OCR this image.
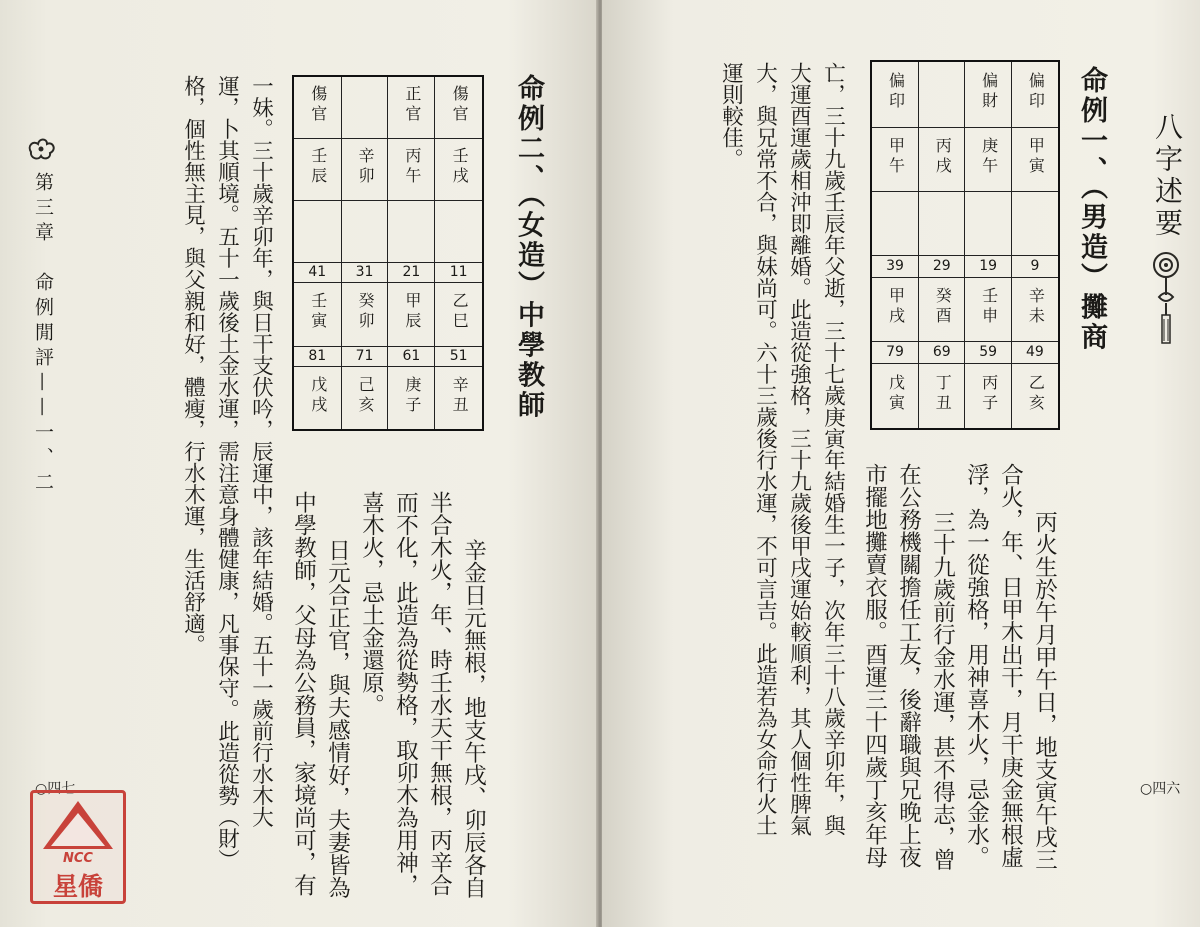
第三章　命例閒評——一、二
○四七
命例二、（女造）中學教師
傷官		正官	傷官
壬辰	辛卯	丙午	壬戌

41	31	21	11
壬寅	癸卯	甲辰	乙巳
81	71	61	51
戊戌	己亥	庚子	辛丑
　辛金日元無根，地支午戌、卯辰各自
半合木火，年、時壬水天干無根，丙辛合
而不化，此造為從勢格，取卯木為用神，
喜木火，忌土金還原。
　日元合正官，與夫感情好，夫妻皆為
中學教師，父母為公務員，家境尚可，有
一妹。三十歲辛卯年，與日干支伏吟，辰運中，該年結婚。五十一歲前行水木大
運，卜其順境。五十一歲後土金水運，需注意身體健康，凡事保守。此造從勢（財）
格，個性無主見，與父親和好，體瘦，行水木運，生活舒適。
NCC
星僑
八字述要
○四六
命例一、（男造）攤商
偏印		偏財	偏印
甲午	丙戌	庚午	甲寅

39	29	19	9
甲戌	癸酉	壬申	辛未
79	69	59	49
戊寅	丁丑	丙子	乙亥
　丙火生於午月甲午日，地支寅午戌三
合火，年、日甲木出干，月干庚金無根虛
浮，為一從強格，用神喜木火，忌金水。
　三十九歲前行金水運，甚不得志，曾
在公務機關擔任工友，後辭職與兄晚上夜
市擺地攤賣衣服。酉運三十四歲丁亥年母
亡，三十九歲壬辰年父逝，三十七歲庚寅年結婚生一子，次年三十八歲辛卯年，與
大運酉運歲相沖即離婚。此造從強格，三十九歲後甲戌運始較順利，其人個性脾氣
大，與兄常不合，與妹尚可。六十三歲後行水運，不可言吉。此造若為女命行火土
運則較佳。
